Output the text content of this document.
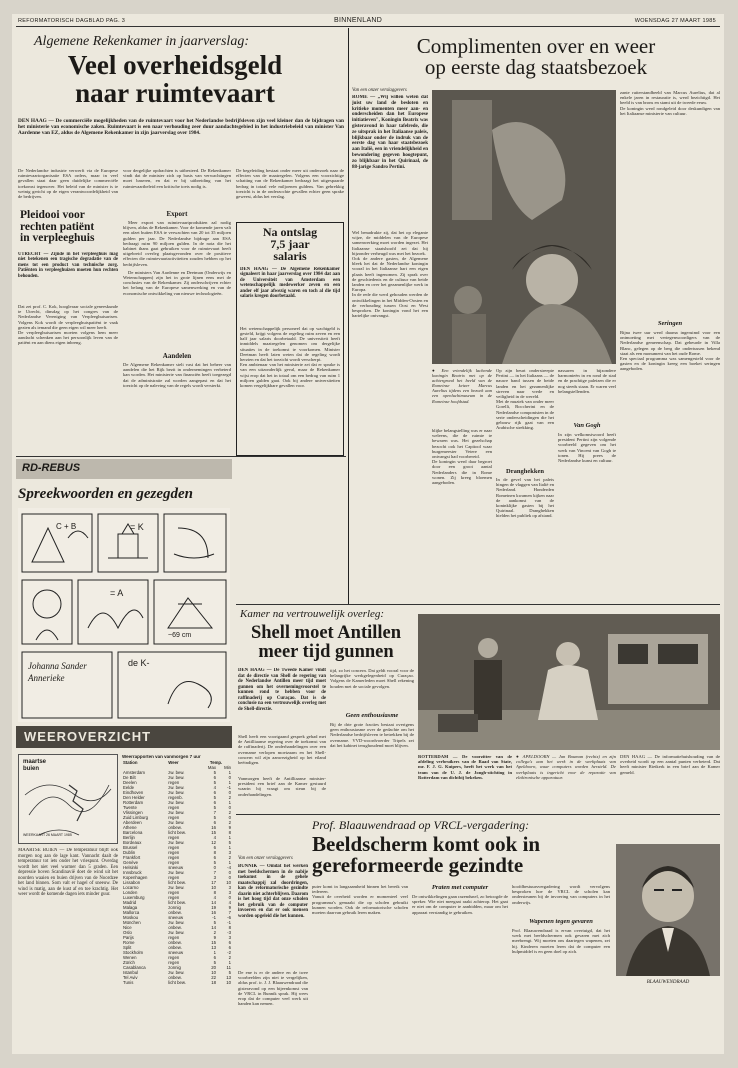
REFORMATORISCH DAGBLAD PAG. 3	BINNENLAND	WOENSDAG 27 MAART 1985
Algemene Rekenkamer in jaarverslag:
Veel overheidsgeld
naar ruimtevaart
DEN HAAG — De commerciële mogelijkheden van de ruimtevaart voor het Nederlandse bedrijfsleven zijn veel kleiner dan de bijdragen van het ministerie van economische zaken. Ruimtevaart is een naar verhouding zeer duur aandachtsgebied in het industriebeleid van minister Van Aardenne van EZ, aldus de Algemene Rekenkamer in zijn jaarverslag over 1984.
De Nederlandse industrie verwerft via de Europese ruimtevaartorganisatie ESA orders, maar in veel gevallen staat daar geen duidelijke commerciële toekomst tegenover. Het beleid van de minister is te weinig gericht op de eigen verantwoordelijkheid van de bedrijven.
voor dergelijke opdrachten is uitbesteed. De Rekenkamer vindt dat de minister zich op basis van verwachtingen moet baseren, en dat er bij uitbreiding van het ruimtevaartbeleid een kritische toets nodig is.
Export

Meer export van ruimtevaartprodukten zal nodig blijven, aldus de Rekenkamer. Voor de komende jaren valt een afzet buiten ESA te verwachten van 20 tot 35 miljoen gulden per jaar. De Nederlandse bijdrage aan ESA bedraagt ruim 90 miljoen gulden. In de nota die het kabinet thans gaat gebruiken voor de ruimtevaart heeft uitgebreid overleg plaatsgevonden over de positieve effecten die ruimtevaartactiviteiten zouden hebben op het bedrijfsleven.

De ministers Van Aardenne en Deetman (Onderwijs en Wetenschappen) zijn het in grote lijnen eens met de conclusies van de Rekenkamer. Zij onderschrijven echter het belang van de Europese samenwerking en van de economische ontwikkeling van nieuwe technologieën.

Aandelen
De Algemene Rekenkamer stelt vast dat het beheer van aandelen die het Rijk bezit in ondernemingen verbeterd kan worden. Het ministerie van financiën heeft toegezegd dat de administratie zal worden aangepast en dat het toezicht op de naleving van de regels wordt versterkt.
De begeleiding bestaat onder meer uit onderzoek naar de effecten van de maatregelen. Volgens een voorzichtige schatting van de Rekenkamer bedraagt het uitgespaarde bedrag in totaal vele miljoenen guldens. Van gebrekkig toezicht is in de onderzochte gevallen echter geen sprake geweest, aldus het verslag.
Na ontslag
7,5 jaar
salaris
DEN HAAG — De Algemene Rekenkamer signaleert in haar jaarverslag over 1984 dat aan de Universiteit van Amsterdam een wetenschappelijk medewerker zeven en een ander elf jaar afwezig waren en toch al die tijd salaris kregen doorbetaald.
Het wetenschappelijk personeel dat op wachtgeld is gesteld, krijgt volgens de regeling ruim zeven en een half jaar salaris doorbetaald. De universiteit heeft inmiddels maatregelen genomen om dergelijke situaties in de toekomst te voorkomen. Minister Deetman heeft laten weten dat de regeling wordt herzien en dat het toezicht wordt verscherpt.
Een ambtenaar van het ministerie zei dat er sprake is van een uitzonderlijk geval, maar de Rekenkamer wijst erop dat het in totaal om een bedrag van ruim 1 miljoen gulden gaat. Ook bij andere universiteiten komen vergelijkbare gevallen voor.
Pleidooi voor
rechten patiënt
in verpleeghuis
UTRECHT — Zijnde in het verpleeghuis mag niet betekenen een tragische degradatie van de mens tot een product van technische zorg. Patiënten in verpleeghuizen moeten hun rechten behouden.
Dat zei prof. C. Kok, hoogleraar sociale geneeskunde te Utrecht, dinsdag op het congres van de Nederlandse Vereniging van Verpleeghuisartsen. Volgens Kok wordt de verpleeghuispatiënt te vaak gezien als iemand die geen eigen wil meer heeft.
De verpleeghuisartsen moeten volgens hem meer aandacht schenken aan het persoonlijk leven van de patiënt en aan diens eigen inbreng.
RD-REBUS
Spreekwoorden en gezegden
C + B	= K
= A
~69 cm
Johanna Sander Annerieke
de K-
WEEROVERZICHT
maartse buien
WEERKAART 26 MAART 1985
MAARTSE BUIEN — De temperatuur blijft ook morgen nog aan de lage kant. Vannacht daalt de temperatuur tot iets onder het vriespunt. Overdag wordt het niet veel warmer dan 5 graden. Een depressie boven Scandinavië doet de wind uit het noorden waaien en buien drijven van de Noordzee het land binnen. Som valt er hagel of sneeuw. De wind is matig, aan de kust af en toe krachtig. Het weer wordt de komende dagen iets minder guur.
Weerrapporten van vanmorgen 7 uur
Station	Weer	Temp.	
		Max	Min
Amsterdam	zw. bew.	5	1
De Bilt	zw. bew.	6	0
Deelen	regen	5	1
Eelde	zw. bew.	4	-1
Eindhoven	zw. bew.	6	0
Den Helder	regenb.	5	2
Rotterdam	zw. bew.	6	1
Twente	regen	5	0
Vlissingen	zw. bew.	7	2
Zuid Limburg	regen	5	0
Aberdeen	zw. bew.	6	2
Athene	onbew.	16	9
Barcelona	licht bew.	15	8
Berlijn	regen	4	1
Bordeaux	zw. bew.	12	5
Brussel	regen	6	1
Dublin	regen	8	3
Frankfort	regen	6	2
Genève	regen	5	1
Helsinki	sneeuw	0	-4
Innsbruck	zw. bew.	7	0
Kopenhagen	regen	3	0
Lissabon	licht bew.	17	10
Locarno	zw. bew.	10	3
Londen	regen	8	3
Luxemburg	regen	4	0
Madrid	licht bew.	14	4
Malaga	zonnig	19	9
Mallorca	onbew.	16	7
Moskou	sneeuw	-1	-6
München	zw. bew.	5	-1
Nice	onbew.	14	8
Oslo	zw. bew.	2	-3
Parijs	regen	9	3
Rome	onbew.	15	6
Split	onbew.	13	6
Stockholm	sneeuw	1	-2
Wenen	regen	6	2
Zürich	regen	5	1
Casablanca	zonnig	20	11
Istanbul	zw. bew.	10	5
Tel Aviv	onbew.	22	13
Tunis	licht bew.	18	10
Complimenten over en weer
op eerste dag staatsbezoek
Van een onzer verslaggevers
ROME — „Wij willen weten dat juist uw land de besloten en kritieke momenten meer aan- en onderscheiden dan het Europese initiatieven", Koningin Beatrix was gisteravond in haar tafelrede, die ze uitsprak in het Italiaanse paleis, blijkbaar onder de indruk van de eerste dag van haar staatsbezoek aan Italië, een in vriendelijkheid en bewondering gegeven hoogtepunt, zo blijkbaar in het Quirinaal, de 88-jarige Sandro Pertini.
Wel benadrukte zij, dat het op elegante wijze, de middelen van de Europese samenwerking moet worden ingezet. Het Italiaanse staatshoofd zei dat hij bijzonder verheugd was met het bezoek.
Ook de andere gasten, de Algemene bleek het dat de Nederlandse koningin vooral in het Italiaanse hart een eigen plaats heeft ingenomen. Zij sprak over de geschiedenis en de cultuur van beide landen en over het gezamenlijke werk in Europa.
In de rede die werd gehouden werden de ontwikkelingen in het Midden-Oosten en de verhouding tussen Oost en West besproken. De koningin vond het een hartelijke ontvangst.
● Een vriendelijk lachende koningin Beatrix met op de achtergrond het beeld van de Romeinse keizer Marcus Aurelius tijdens een bezoek aan een openluchtmuseum in de Romeinse hoofdstad.
blijke belangstelling was er naar weleens, die de ruimte te bewaren was. Het gezelschap bezocht ook het Capitool waar burgemeester Vetere een ontvangst had voorbereid.
De koningin werd daar begroet door een groot aantal Nederlanders die in Rome wonen. Zij kreeg bloemen aangeboden.
Op zijn beurt onderstreepte Pertini — in het Italiaans — de nauwe band tussen de beide landen en het gezamenlijke streven naar vrede en veiligheid in de wereld.
Met de muziek van onder meer Gorelli, Boccherini en de Nederlandse componisten in de serie onderscheidingen die het gebouw rijk gaat van een Arabische strekking.
Dranghekken
In de gevel van het paleis hingen de vlaggen van Italië en Nederland. Honderden Romeinen kwamen kijken naar de aankomst van de koninklijke gasten bij het Quirinaal. Dranghekken hielden het publiek op afstand.
nassaren in bijzondere harmonieën in en rond de stad en de prachtige paleizen die er nog steeds staan. Er waren veel belangstellenden.
Van Gogh
In zijn welkomstwoord heeft president Pertini zijn volgende voorbeeld gegeven om het werk van Vincent van Gogh te tonen. Hij prees de Nederlandse kunst en cultuur.
zante ruiterstandbeeld van Marcus Aurelius, dat al enkele jaren in restauratie is, werd bezichtigd. Het beeld is van brons en stamt uit de tweede eeuw.
De koningin werd rondgeleid door deskundigen van het Italiaanse ministerie van cultuur.
Seringen
Bijna twee uur werd daarna ingeruimd voor een ontmoeting met vertegenwoordigers van de Nederlandse gemeenschap. Dat gebeurde in Villa Blanc, gelegen op de berg die ondertussen bekend staat als een monument van het oude Rome.
Een speciaal programma was samengesteld voor de gasten en de koningin kreeg een boeket seringen aangeboden.
Kamer na vertrouwelijk overleg:
Shell moet Antillen
meer tijd gunnen
DEN HAAG — De Tweede Kamer vindt dat de directie van Shell de regering van de Nederlandse Antillen meer tijd moet gunnen om het overnemingsvoorstel te kunnen rond te hebben voor de raffinaderij op Curaçao. Dat is de conclusie na een vertrouwelijk overleg met de Shell-directie.
Shell heeft een voortgaand gesprek gehad met de Antilliaanse regering over de toekomst van de raffinaderij. De onderhandelingen over een overname verlopen moeizaam en het Shell-concern wil zijn aanwezigheid op het eiland beëindigen.
Vanmorgen heeft de Antilliaanse minister-president een brief aan de Kamer gestuurd waarin hij vraagt om steun bij de onderhandelingen.
tijd, zo het concern. Dat geldt vooral voor de belangrijke werkgelegenheid op Curaçao. Volgens de Kamerleden moet Shell rekening houden met de sociale gevolgen.
Geen enthousiasme
Bij de drie grote fracties bestaat overigens geen enthousiasme over de gedachte om het Nederlandse bedrijfsleven te betrekken bij de overname. VVD-woordvoerder Tripels zei dat het kabinet terughoudend moet blijven.
ROTTERDAM — De voorzitter van de afdeling verbruikers van de Raad van State, mr. F. J. G. Kuipers, heeft het werk van het team van de U. J. de Jongh-stichting in Rotterdam van dichtbij bekeken.
● APELDOORN — Jan Bouman (rechts) en zijn collega's aan het werk in de werkplaats van Apeldoorn, waar computers worden hersteld. De werkplaats is ingericht voor de reparatie van elektronische apparatuur.
DEN HAAG — De informatiehuishouding van de overheid wordt op een aantal punten verbeterd. Dat heeft minister Rietkerk in een brief aan de Kamer gemeld.
Prof. Blaauwendraad op VRCL-vergadering:
Beeldscherm komt ook in
gereformeerde gezindte
Van een onzer verslaggevers
BUNNIK — Omdat het werken met beeldschermen in de nabije toekomst in de gehele maatschappij zal doordringen, kan de reformatorische gezindte daarin niet achterblijven. Daarom is het hoog tijd dat onze scholen het gebruik van de computer invoeren en dat er ook mensen worden opgeleid die het kunnen.
De ene is er de andere en de twee voorbeelden zijn niet te vergelijken, aldus prof. ir. J. J. Blaauwendraad die gisteravond op een bijeenkomst van de VRCL in Bunnik sprak. Hij wees erop dat de computer veel werk uit handen kan nemen.
puter komt in langzaamheid binnen het bereik van iedereen.
Vanuit de overheid worden er momenteel veel programma's gemaakt die op scholen gebruikt kunnen worden. Ook de reformatorische scholen moeten daarvan gebruik leren maken.
Praten met computer
De ontwikkelingen gaan razendsnel, zo betoogde de spreker. Wie niet meegaat raakt achterop. Het gaat er niet om de computer te aanbidden, maar om het apparaat verstandig te gebruiken.
hoofdbestuursvergadering wordt vervolgens besproken hoe de VRCL de scholen kan ondersteunen bij de invoering van computers in het onderwijs.
Wapenen tegen gevaren
Prof. Blaauwendraad is ervan overtuigd, dat het werk met beeldschermen ook gevaren met zich meebrengt. Wij moeten ons daartegen wapenen, zei hij. Kinderen moeten leren dat de computer een hulpmiddel is en geen doel op zich.
BLAAUWENDRAAD
